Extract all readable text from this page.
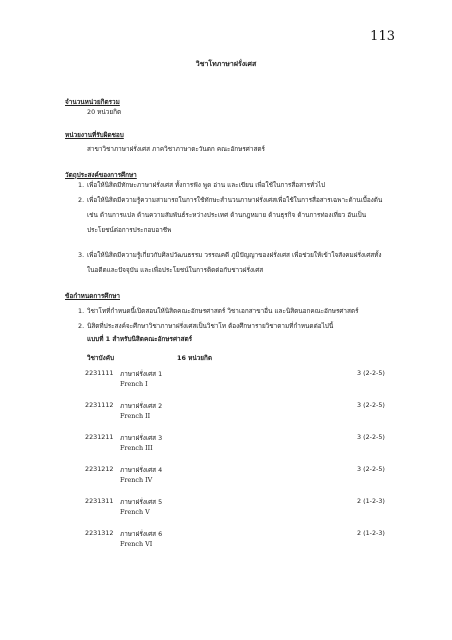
113
วิชาโทภาษาฝรั่งเศส
จำนวนหน่วยกิตรวม
20 หน่วยกิต
หน่วยงานที่รับผิดชอบ
สาขาวิชาภาษาฝรั่งเศส ภาควิชาภาษาตะวันตก คณะอักษรศาสตร์
วัตถุประสงค์ของการศึกษา
1. เพื่อให้นิสิตมีทักษะภาษาฝรั่งเศส ทั้งการฟัง พูด อ่าน และเขียน เพื่อใช้ในการสื่อสารทั่วไป
2. เพื่อให้นิสิตมีความรู้ความสามารถในการใช้ทักษะสำนวนภาษาฝรั่งเศสเพื่อใช้ในการสื่อสารเฉพาะด้านเบื้องต้น เช่น ด้านการแปล ด้านความสัมพันธ์ระหว่างประเทศ ด้านกฎหมาย ด้านธุรกิจ ด้านการท่องเที่ยว อันเป็นประโยชน์ต่อการประกอบอาชีพ
3. เพื่อให้นิสิตมีความรู้เกี่ยวกับศิลปวัฒนธรรม วรรณคดี ภูมิปัญญาของฝรั่งเศส เพื่อช่วยให้เข้าใจสังคมฝรั่งเศสทั้งในอดีตและปัจจุบัน และเพื่อประโยชน์ในการติดต่อกับชาวฝรั่งเศส
ข้อกำหนดการศึกษา
1. วิชาโทที่กำหนดนี้เปิดสอนให้นิสิตคณะอักษรศาสตร์ วิชาเอกสาขาอื่น และนิสิตนอกคณะอักษรศาสตร์
2. นิสิตที่ประสงค์จะศึกษาวิชาภาษาฝรั่งเศสเป็นวิชาโท ต้องศึกษารายวิชาตามที่กำหนดต่อไปนี้
แบบที่ 1 สำหรับนิสิตคณะอักษรศาสตร์
วิชาบังคับ	16 หน่วยกิต
2231111 ภาษาฝรั่งเศส 1	3 (2-2-5)
French I
2231112 ภาษาฝรั่งเศส 2	3 (2-2-5)
French II
2231211 ภาษาฝรั่งเศส 3	3 (2-2-5)
French III
2231212 ภาษาฝรั่งเศส 4	3 (2-2-5)
French IV
2231311 ภาษาฝรั่งเศส 5	2 (1-2-3)
French V
2231312 ภาษาฝรั่งเศส 6	2 (1-2-3)
French VI
